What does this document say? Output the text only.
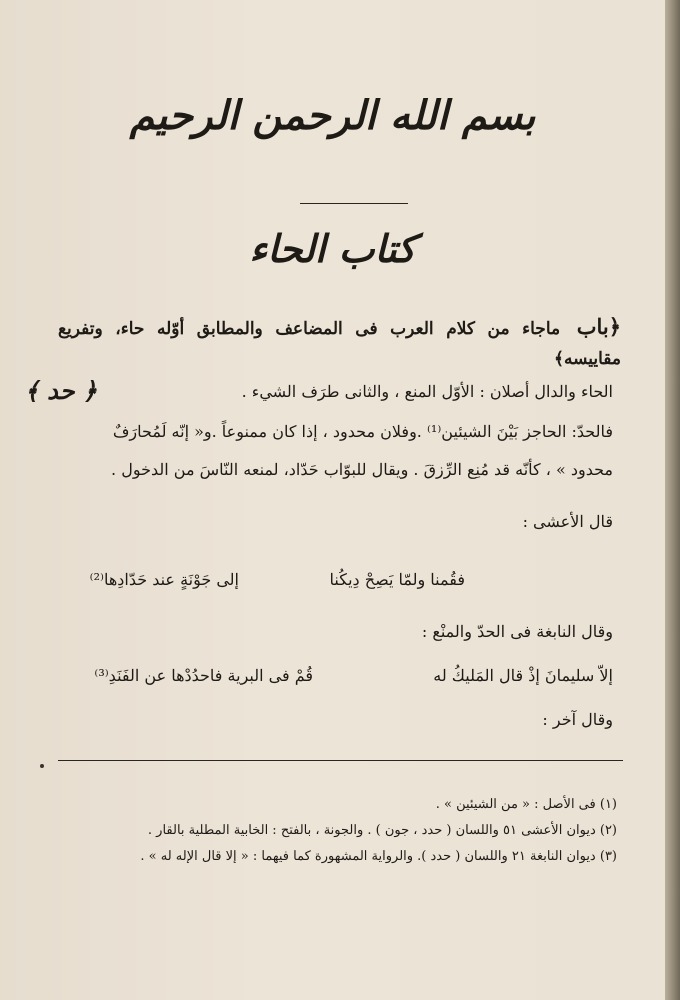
بسم الله الرحمن الرحيم
كتاب الحاء
﴿باب ماجاء من كلام العرب فى المضاعف والمطابق أوّله حاء، وتفريع مقاييسه﴾
﴿ حد ﴾	الحاء والدال أصلان : الأوّل المنع ، والثانى طرَف الشيء .
فالحدّ: الحاجز بَيْنَ الشيئين⁽¹⁾ .وفلان محدود ، إذا كان ممنوعاً .و« إنّه لَمُحارَفٌ
محدود » ، كأنّه قد مُنِع الرِّزقَ . ويقال للبوّاب حَدّاد، لمنعه النّاسَ من الدخول .
قال الأعشى :
فقُمنا ولمّا يَصِحْ دِيكُنا
إلى جَوْنَةٍ عند حَدّادِها⁽²⁾
وقال النابغة فى الحدّ والمنْع :
إلاّ سليمانَ إذْ قال المَليكُ له
قُمْ فى البرية فاحدُدْها عن الفَنَدِ⁽³⁾
وقال آخر :
(١) فى الأصل : « من الشيئين » .
(٢) ديوان الأعشى ٥١ واللسان ( حدد ، جون ) . والجونة ، بالفتح : الخابية المطلية بالقار .
(٣) ديوان النابغة ٢١ واللسان ( حدد ). والرواية المشهورة كما فيهما : « إلا قال الإله له » .
